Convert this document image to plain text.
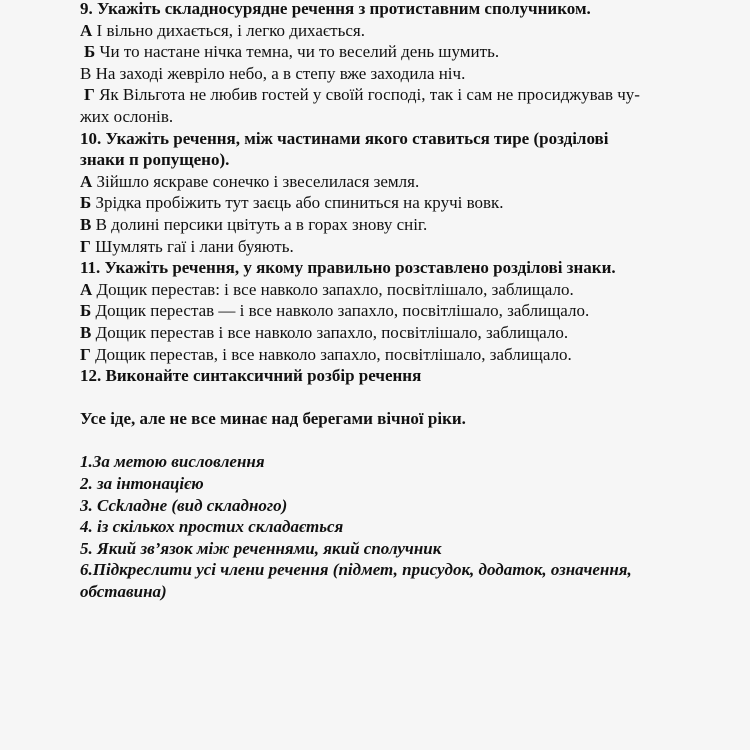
9. Укажіть складносурядне речення з протиставним сполучником.

А І вільно дихається, і легко дихається.

Б Чи то настане нічка темна, чи то веселий день шумить.

В На заході жевріло небо, а в степу вже заходила ніч.

Г Як Вільгота не любив гостей у своїй господі, так і сам не просиджував чу-

жих ослонів.

10. Укажіть речення, між частинами якого ставиться тире (розділові

знаки п ропущено).

А Зійшло яскраве сонечко і звеселилася земля.

Б Зрідка пробіжить тут заєць або спиниться на кручі вовк.

В В долині персики цвітуть а в горах знову сніг.

Г Шумлять гаї і лани буяють.

11. Укажіть речення, у якому правильно розставлено розділові знаки.

А Дощик перестав: і все навколо запахло, посвітлішало, заблищало.

Б Дощик перестав — і все навколо запахло, посвітлішало, заблищало.

В Дощик перестав і все навколо запахло, посвітлішало, заблищало.

Г Дощик перестав, і все навколо запахло, посвітлішало, заблищало.

12. Виконайте синтаксичний розбір речення

Усе іде, але не все минає над берегами вічної ріки.

1.За метою висловлення

2. за інтонацією

3. Ссkладне (вид складного)

4. із скількох простих складається

5. Який зв’язок між реченнями, який сполучник

6.Підкреслити усі члени речення (підмет, присудок, додаток, означення,

обставина)
